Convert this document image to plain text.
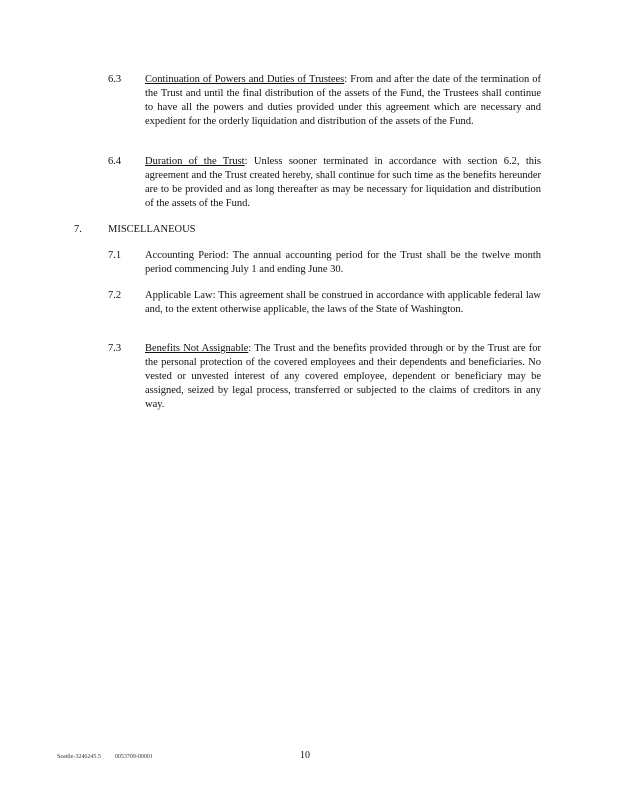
6.3 Continuation of Powers and Duties of Trustees: From and after the date of the termination of the Trust and until the final distribution of the assets of the Fund, the Trustees shall continue to have all the powers and duties provided under this agreement which are necessary and expedient for the orderly liquidation and distribution of the assets of the Fund.
6.4 Duration of the Trust: Unless sooner terminated in accordance with section 6.2, this agreement and the Trust created hereby, shall continue for such time as the benefits hereunder are to be provided and as long thereafter as may be necessary for liquidation and distribution of the assets of the Fund.
7. MISCELLANEOUS
7.1 Accounting Period: The annual accounting period for the Trust shall be the twelve month period commencing July 1 and ending June 30.
7.2 Applicable Law: This agreement shall be construed in accordance with applicable federal law and, to the extent otherwise applicable, the laws of the State of Washington.
7.3 Benefits Not Assignable: The Trust and the benefits provided through or by the Trust are for the personal protection of the covered employees and their dependents and beneficiaries. No vested or unvested interest of any covered employee, dependent or beneficiary may be assigned, seized by legal process, transferred or subjected to the claims of creditors in any way.
Seattle-3246245.5 0053709-00001	10
